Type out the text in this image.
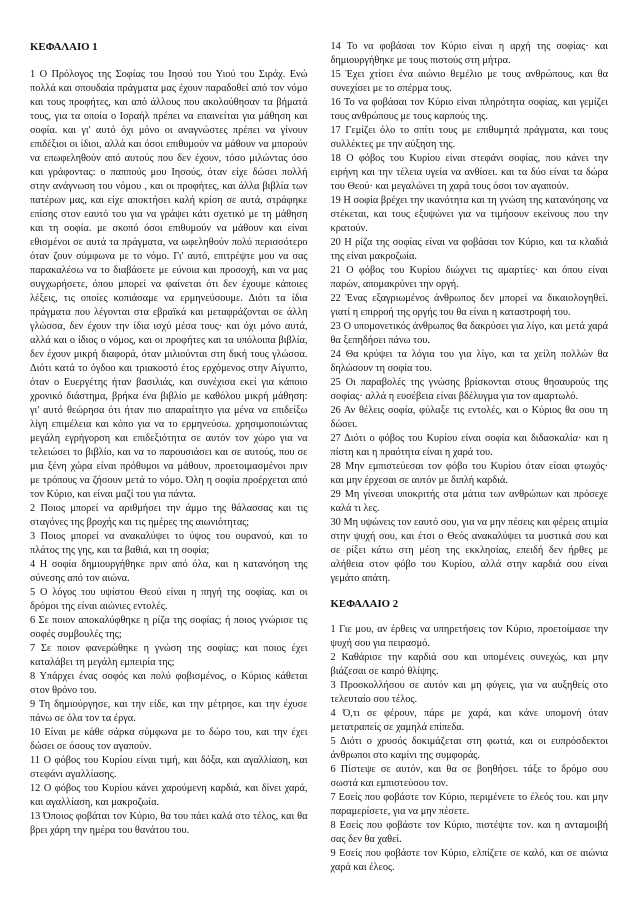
ΚΕΦΑΛΑΙΟ 1

1 Ο Πρόλογος της Σοφίας του Ιησού του Υιού του Σιράχ. Ενώ πολλά και σπουδαία πράγματα μας έχουν παραδοθεί από τον νόμο και τους προφήτες, και από άλλους που ακολούθησαν τα βήματά τους, για τα οποία ο Ισραήλ πρέπει να επαινείται για μάθηση και σοφία. και γι' αυτό όχι μόνο οι αναγνώστες πρέπει να γίνουν επιδέξιοι οι ίδιοι, αλλά και όσοι επιθυμούν να μάθουν να μπορούν να επωφεληθούν από αυτούς που δεν έχουν, τόσο μιλώντας όσο και γράφοντας: ο παππούς μου Ιησούς, όταν είχε δώσει πολλή στην ανάγνωση του νόμου , και οι προφήτες, και άλλα βιβλία των πατέρων μας, και είχε αποκτήσει καλή κρίση σε αυτά, στράφηκε επίσης στον εαυτό του για να γράψει κάτι σχετικό με τη μάθηση και τη σοφία. με σκοπό όσοι επιθυμούν να μάθουν και είναι εθισμένοι σε αυτά τα πράγματα, να ωφεληθούν πολύ περισσότερο όταν ζουν σύμφωνα με το νόμο. Γι' αυτό, επιτρέψτε μου να σας παρακαλέσω να το διαβάσετε με εύνοια και προσοχή, και να μας συγχωρήσετε, όπου μπορεί να φαίνεται ότι δεν έχουμε κάποιες λέξεις, τις οποίες κοπιάσαμε να ερμηνεύσουμε. Διότι τα ίδια πράγματα που λέγονται στα εβραϊκά και μεταφράζονται σε άλλη γλώσσα, δεν έχουν την ίδια ισχύ μέσα τους· και όχι μόνο αυτά, αλλά και ο ίδιος ο νόμος, και οι προφήτες και τα υπόλοιπα βιβλία, δεν έχουν μικρή διαφορά, όταν μιλιούνται στη δική τους γλώσσα. Διότι κατά το όγδοο και τριακοστό έτος ερχόμενος στην Αίγυπτο, όταν ο Ευεργέτης ήταν βασιλιάς, και συνέχισα εκεί για κάποιο χρονικό διάστημα, βρήκα ένα βιβλίο με καθόλου μικρή μάθηση: γι' αυτό θεώρησα ότι ήταν πιο απαραίτητο για μένα να επιδείξω λίγη επιμέλεια και κόπο για να το ερμηνεύσω. χρησιμοποιώντας μεγάλη εγρήγορση και επιδεξιότητα σε αυτόν τον χώρο για να τελειώσει το βιβλίο, και να το παρουσιάσει και σε αυτούς, που σε μια ξένη χώρα είναι πρόθυμοι να μάθουν, προετοιμασμένοι πριν με τρόπους να ζήσουν μετά το νόμο. Όλη η σοφία προέρχεται από τον Κύριο, και είναι μαζί του για πάντα.

2 Ποιος μπορεί να αριθμήσει την άμμο της θάλασσας και τις σταγόνες της βροχής και τις ημέρες της αιωνιότητας;

3 Ποιος μπορεί να ανακαλύψει το ύψος του ουρανού, και το πλάτος της γης, και τα βαθιά, και τη σοφία;

4 Η σοφία δημιουργήθηκε πριν από όλα, και η κατανόηση της σύνεσης από τον αιώνα.

5 Ο λόγος του υψίστου Θεού είναι η πηγή της σοφίας. και οι δρόμοι της είναι αιώνιες εντολές.

6 Σε ποιον αποκαλύφθηκε η ρίζα της σοφίας; ή ποιος γνώρισε τις σοφές συμβουλές της;

7 Σε ποιον φανερώθηκε η γνώση της σοφίας; και ποιος έχει καταλάβει τη μεγάλη εμπειρία της;

8 Υπάρχει ένας σοφός και πολύ φοβισμένος, ο Κύριος κάθεται στον θρόνο του.

9 Τη δημιούργησε, και την είδε, και την μέτρησε, και την έχυσε πάνω σε όλα τον τα έργα.

10 Είναι με κάθε σάρκα σύμφωνα με το δώρο του, και την έχει δώσει σε όσους τον αγαπούν.

11 Ο φόβος του Κυρίου είναι τιμή, και δόξα, και αγαλλίαση, και στεφάνι αγαλλίασης.

12 Ο φόβος του Κυρίου κάνει χαρούμενη καρδιά, και δίνει χαρά, και αγαλλίαση, και μακροζωία.

13 Όποιος φοβάται τον Κύριο, θα του πάει καλά στο τέλος, και θα βρει χάρη την ημέρα του θανάτου του.

14 Το να φοβάσαι τον Κύριο είναι η αρχή της σοφίας· και δημιουργήθηκε με τους πιστούς στη μήτρα.

15 Έχει χτίσει ένα αιώνιο θεμέλιο με τους ανθρώπους, και θα συνεχίσει με το σπέρμα τους.

16 Το να φοβάσαι τον Κύριο είναι πληρότητα σοφίας, και γεμίζει τους ανθρώπους με τους καρπούς της.

17 Γεμίζει όλο το σπίτι τους με επιθυμητά πράγματα, και τους συλλέκτες με την αύξηση της.

18 Ο φόβος του Κυρίου είναι στεφάνι σοφίας, που κάνει την ειρήνη και την τέλεια υγεία να ανθίσει. και τα δύο είναι τα δώρα του Θεού· και μεγαλώνει τη χαρά τους όσοι τον αγαπούν.

19 Η σοφία βρέχει την ικανότητα και τη γνώση της κατανόησης να στέκεται, και τους εξυψώνει για να τιμήσουν εκείνους που την κρατούν.

20 Η ρίζα της σοφίας είναι να φοβάσαι τον Κύριο, και τα κλαδιά της είναι μακροζωία.

21 Ο φόβος του Κυρίου διώχνει τις αμαρτίες· και όπου είναι παρών, απομακρύνει την οργή.

22 Ένας εξαγριωμένος άνθρωπος δεν μπορεί να δικαιολογηθεί. γιατί η επιρροή της οργής του θα είναι η καταστροφή του.

23 Ο υπομονετικός άνθρωπος θα δακρύσει για λίγο, και μετά χαρά θα ξεπηδήσει πάνω του.

24 Θα κρύψει τα λόγια του για λίγο, και τα χείλη πολλών θα δηλώσουν τη σοφία του.

25 Οι παραβολές της γνώσης βρίσκονται στους θησαυρούς της σοφίας· αλλά η ευσέβεια είναι βδέλυγμα για τον αμαρτωλό.

26 Αν θέλεις σοφία, φύλαξε τις εντολές, και ο Κύριος θα σου τη δώσει.

27 Διότι ο φόβος του Κυρίου είναι σοφία και διδασκαλία· και η πίστη και η πραότητα είναι η χαρά του.

28 Μην εμπιστεύεσαι τον φόβο του Κυρίου όταν είσαι φτωχός· και μην έρχεσαι σε αυτόν με διπλή καρδιά.

29 Μη γίνεσαι υποκριτής στα μάτια των ανθρώπων και πρόσεχε καλά τι λες.

30 Μη υψώνεις τον εαυτό σου, για να μην πέσεις και φέρεις ατιμία στην ψυχή σου, και έτσι ο Θεός ανακαλύψει τα μυστικά σου και σε ρίξει κάτω στη μέση της εκκλησίας, επειδή δεν ήρθες με αλήθεια στον φόβο του Κυρίου, αλλά στην καρδιά σου είναι γεμάτο απάτη.

ΚΕΦΑΛΑΙΟ 2

1 Γιε μου, αν έρθεις να υπηρετήσεις τον Κύριο, προετοίμασε την ψυχή σου για πειρασμό.

2 Καθάρισε την καρδιά σου και υπομένεις συνεχώς, και μην βιάζεσαι σε καιρό θλίψης.

3 Προσκολλήσου σε αυτόν και μη φύγεις, για να αυξηθείς στο τελευταίο σου τέλος.

4 Ό,τι σε φέρουν, πάρε με χαρά, και κάνε υπομονή όταν μετατραπείς σε χαμηλά επίπεδα.

5 Διότι ο χρυσός δοκιμάζεται στη φωτιά, και οι ευπρόσδεκτοι άνθρωποι στο καμίνι της συμφοράς.

6 Πίστεψε σε αυτόν, και θα σε βοηθήσει. τάξε το δρόμο σου σωστά και εμπιστεύσου τον.

7 Εσείς που φοβάστε τον Κύριο, περιμένετε το έλεός του. και μην παραμερίσετε, για να μην πέσετε.

8 Εσείς που φοβάστε τον Κύριο, πιστέψτε τον. και η ανταμοιβή σας δεν θα χαθεί.

9 Εσείς που φοβάστε τον Κύριο, ελπίζετε σε καλό, και σε αιώνια χαρά και έλεος.
